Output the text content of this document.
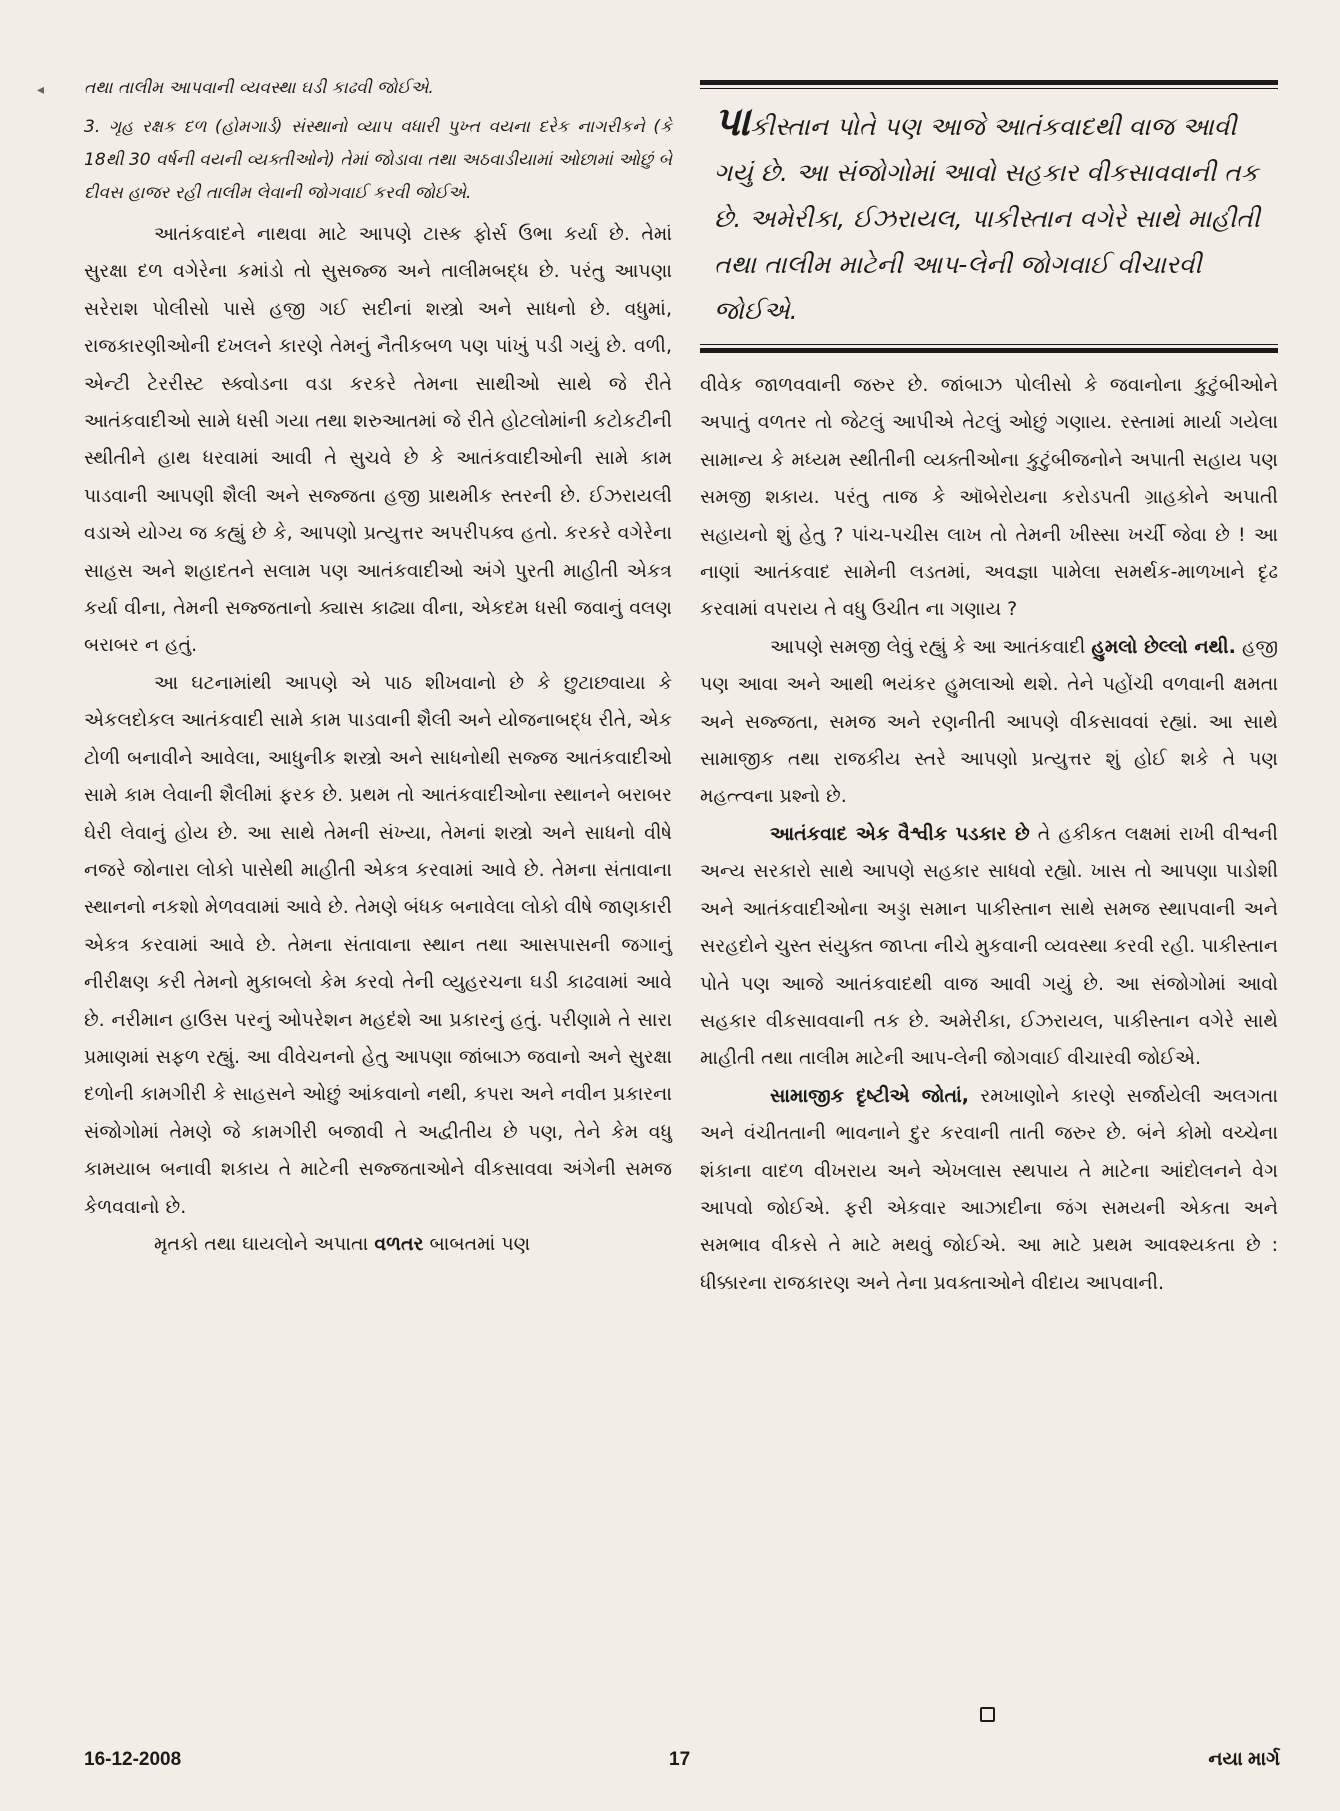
◂ તથા તાલીમ આપવાની વ્યવસ્થા ઘડી કાઢવી જોઈએ.

3. ગૃહ રક્ષક દળ (હોમગાર્ડ) સંસ્થાનો વ્યાપ વધારી પુખ્ત વયના દરેક નાગરીકને (કે 18થી 30 વર્ષની વયની વ્યક્તીઓને) તેમાં જોડાવા તથા અઠવાડીયામાં ઓછામાં ઓછું બે દીવસ હાજર રહી તાલીમ લેવાની જોગવાઈ કરવી જોઈએ.

આતંકવાદને નાથવા માટે આપણે ટાસ્ક ફોર્સ ઉભા કર્યા છે. તેમાં સુરક્ષા દળ વગેરેના કમાંડો તો સુસજ્જ અને તાલીમબદ્ધ છે. પરંતુ આપણા સરેરાશ પોલીસો પાસે હજી ગઈ સદીનાં શસ્ત્રો અને સાધનો છે. વધુમાં, રાજકારણીઓની દખલને કારણે તેમનું નૈતીકબળ પણ પાંખું પડી ગયું છે. વળી, એન્ટી ટેરરીસ્ટ સ્ક્વોડના વડા કરકરે તેમના સાથીઓ સાથે જે રીતે આતંકવાદીઓ સામે ધસી ગયા તથા શરુઆતમાં જે રીતે હોટલોમાંની કટોકટીની સ્થીતીને હાથ ધરવામાં આવી તે સુચવે છે કે આતંકવાદીઓની સામે કામ પાડવાની આપણી શૈલી અને સજ્જતા હજી પ્રાથમીક સ્તરની છે. ઈઝરાયલી વડાએ યોગ્ય જ કહ્યું છે કે, આપણો પ્રત્યુત્તર અપરીપક્વ હતો. કરકરે વગેરેના સાહસ અને શહાદતને સલામ પણ આતંકવાદીઓ અંગે પુરતી માહીતી એકત્ર કર્યા વીના, તેમની સજ્જતાનો ક્યાસ કાઢ્યા વીના, એકદમ ધસી જવાનું વલણ બરાબર ન હતું.

આ ઘટનામાંથી આપણે એ પાઠ શીખવાનો છે કે છુટાછવાયા કે એકલદોકલ આતંકવાદી સામે કામ પાડવાની શૈલી અને યોજનાબદ્ધ રીતે, એક ટોળી બનાવીને આવેલા, આધુનીક શસ્ત્રો અને સાધનોથી સજ્જ આતંકવાદીઓ સામે કામ લેવાની શૈલીમાં ફરક છે. પ્રથમ તો આતંકવાદીઓના સ્થાનને બરાબર ઘેરી લેવાનું હોય છે. આ સાથે તેમની સંખ્યા, તેમનાં શસ્ત્રો અને સાધનો વીષે નજરે જોનારા લોકો પાસેથી માહીતી એકત્ર કરવામાં આવે છે. તેમના સંતાવાના સ્થાનનો નકશો મેળવવામાં આવે છે. તેમણે બંધક બનાવેલા લોકો વીષે જાણકારી એકત્ર કરવામાં આવે છે. તેમના સંતાવાના સ્થાન તથા આસપાસની જગાનું નીરીક્ષણ કરી તેમનો મુકાબલો કેમ કરવો તેની વ્યુહરચના ઘડી કાઢવામાં આવે છે. નરીમાન હાઉસ પરનું ઓપરેશન મહદંશે આ પ્રકારનું હતું. પરીણામે તે સારા પ્રમાણમાં સફળ રહ્યું. આ વીવેચનનો હેતુ આપણા જાંબાઝ જવાનો અને સુરક્ષા દળોની કામગીરી કે સાહસને ઓછું આંકવાનો નથી, કપરા અને નવીન પ્રકારના સંજોગોમાં તેમણે જે કામગીરી બજાવી તે અદ્વીતીય છે પણ, તેને કેમ વધુ કામયાબ બનાવી શકાય તે માટેની સજ્જતાઓને વીકસાવવા અંગેની સમજ કેળવવાનો છે.

મૃતકો તથા ઘાયલોને અપાતા વળતર બાબતમાં પણ

પાકીસ્તાન પોતે પણ આજે આતંકવાદથી વાજ આવી ગયું છે. આ સંજોગોમાં આવો સહકાર વીકસાવવાની તક છે. અમેરીકા, ઈઝરાયલ, પાકીસ્તાન વગેરે સાથે માહીતી તથા તાલીમ માટેની આપ-લેની જોગવાઈ વીચારવી જોઈએ.

વીવેક જાળવવાની જરુર છે. જાંબાઝ પોલીસો કે જવાનોના કુટુંબીઓને અપાતું વળતર તો જેટલું આપીએ તેટલું ઓછું ગણાય. રસ્તામાં માર્યા ગયેલા સામાન્ય કે મધ્યમ સ્થીતીની વ્યક્તીઓના કુટુંબીજનોને અપાતી સહાય પણ સમજી શકાય. પરંતુ તાજ કે ઑબેરોયના કરોડપતી ગ્રાહકોને અપાતી સહાયનો શું હેતુ ? પાંચ-પચીસ લાખ તો તેમની ખીસ્સા ખર્ચી જેવા છે ! આ નાણાં આતંકવાદ સામેની લડતમાં, અવજ્ઞા પામેલા સમર્થક-માળખાને દૃઢ કરવામાં વપરાય તે વધુ ઉચીત ના ગણાય ?

આપણે સમજી લેવું રહ્યું કે આ આતંકવાદી હુમલો છેલ્લો નથી. હજી પણ આવા અને આથી ભયંકર હુમલાઓ થશે. તેને પહોંચી વળવાની ક્ષમતા અને સજ્જતા, સમજ અને રણનીતી આપણે વીકસાવવાં રહ્યાં. આ સાથે સામાજીક તથા રાજકીય સ્તરે આપણો પ્રત્યુત્તર શું હોઈ શકે તે પણ મહત્ત્વના પ્રશ્નો છે.

આતંકવાદ એક વૈશ્વીક પડકાર છે તે હકીકત લક્ષમાં રાખી વીશ્વની અન્ય સરકારો સાથે આપણે સહકાર સાધવો રહ્યો. ખાસ તો આપણા પાડોશી અને આતંકવાદીઓના અડ્ડા સમાન પાકીસ્તાન સાથે સમજ સ્થાપવાની અને સરહદોને ચુસ્ત સંયુક્ત જાપ્તા નીચે મુકવાની વ્યવસ્થા કરવી રહી. પાકીસ્તાન પોતે પણ આજે આતંકવાદથી વાજ આવી ગયું છે. આ સંજોગોમાં આવો સહકાર વીકસાવવાની તક છે. અમેરીકા, ઈઝરાયલ, પાકીસ્તાન વગેરે સાથે માહીતી તથા તાલીમ માટેની આપ-લેની જોગવાઈ વીચારવી જોઈએ.

સામાજીક દૃષ્ટીએ જોતાં, રમખાણોને કારણે સર્જાયેલી અલગતા અને વંચીતતાની ભાવનાને દુર કરવાની તાતી જરુર છે. બંને કોમો વચ્ચેના શંકાના વાદળ વીખરાય અને એખલાસ સ્થપાય તે માટેના આંદોલનને વેગ આપવો જોઈએ. ફરી એકવાર આઝાદીના જંગ સમયની એકતા અને સમભાવ વીકસે તે માટે મથવું જોઈએ. આ માટે પ્રથમ આવશ્યકતા છે : ધીક્કારના રાજકારણ અને તેના પ્રવક્તાઓને વીદાય આપવાની.

16-12-2008	17	નયા માર્ગ
